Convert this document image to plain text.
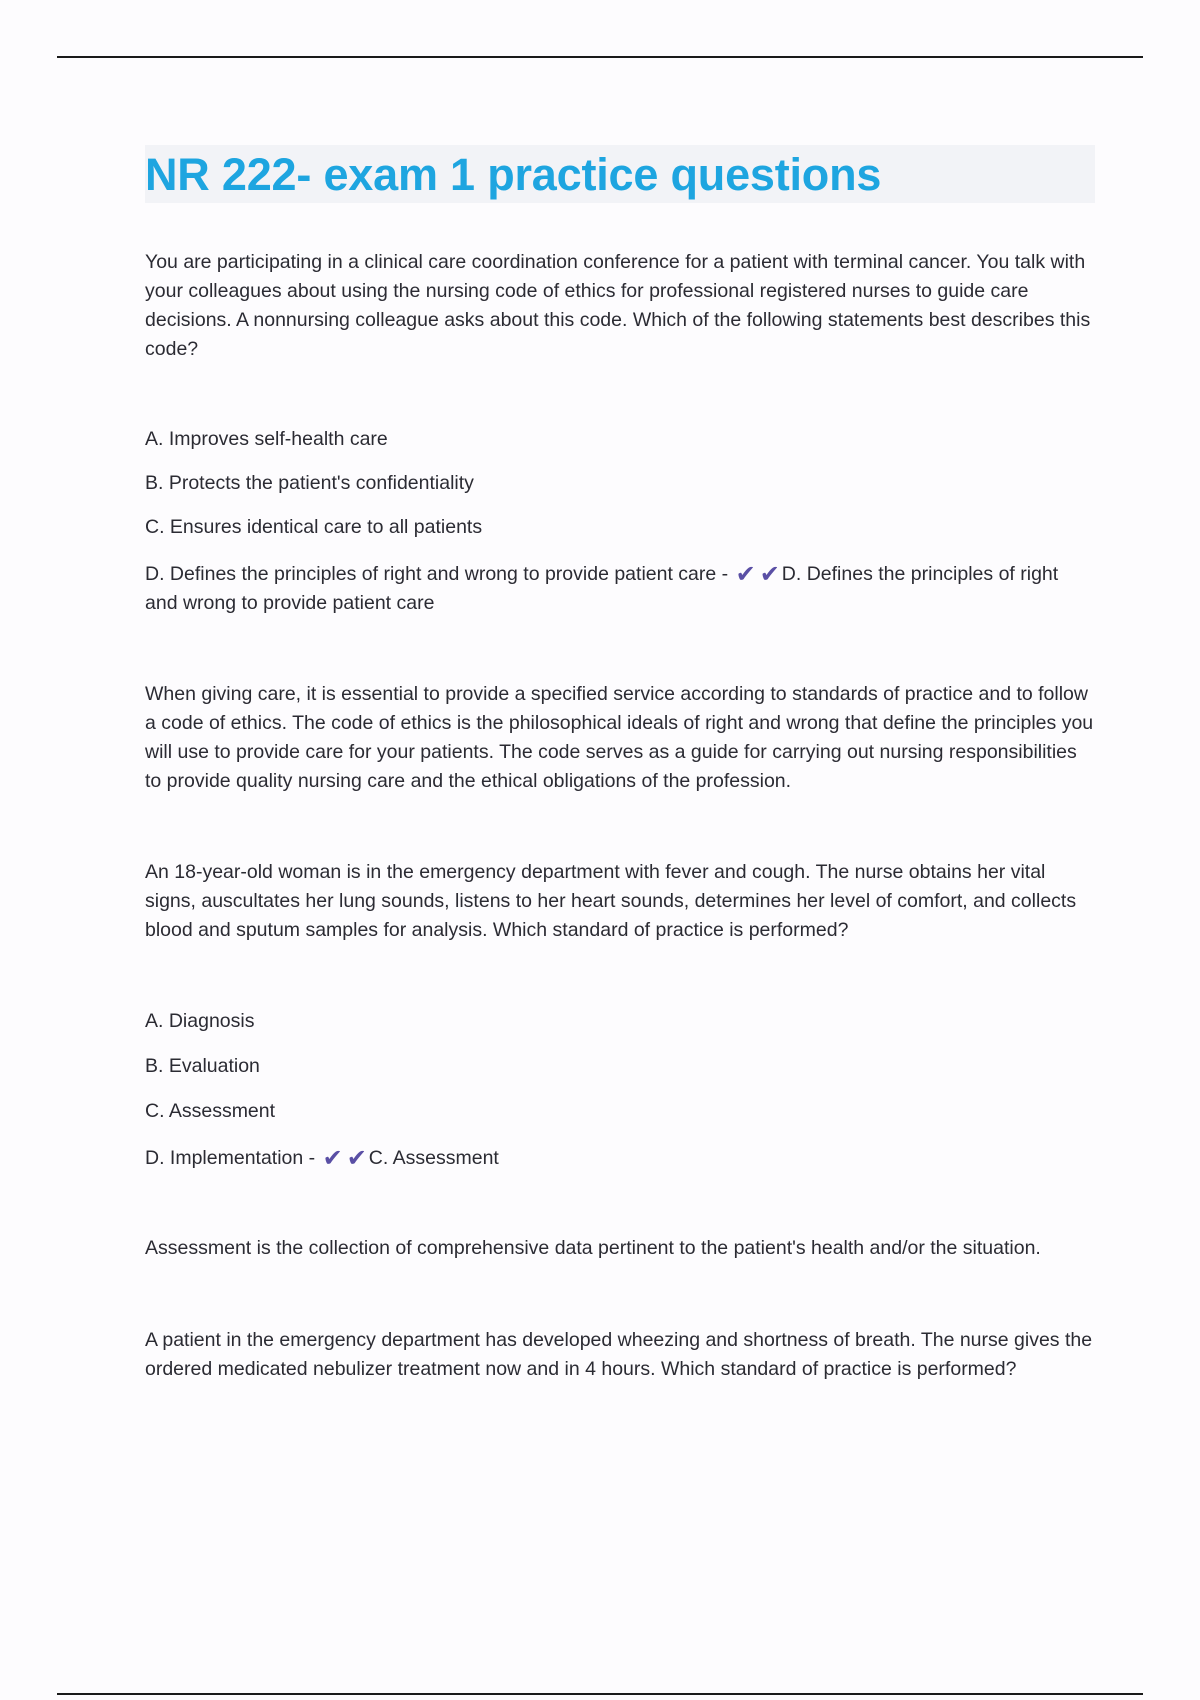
NR 222- exam 1 practice questions

You are participating in a clinical care coordination conference for a patient with terminal cancer. You talk with your colleagues about using the nursing code of ethics for professional registered nurses to guide care decisions. A nonnursing colleague asks about this code. Which of the following statements best describes this code?

A. Improves self-health care

B. Protects the patient's confidentiality

C. Ensures identical care to all patients

D. Defines the principles of right and wrong to provide patient care - ✔ ✔ D. Defines the principles of right and wrong to provide patient care

When giving care, it is essential to provide a specified service according to standards of practice and to follow a code of ethics. The code of ethics is the philosophical ideals of right and wrong that define the principles you will use to provide care for your patients. The code serves as a guide for carrying out nursing responsibilities to provide quality nursing care and the ethical obligations of the profession.

An 18-year-old woman is in the emergency department with fever and cough. The nurse obtains her vital signs, auscultates her lung sounds, listens to her heart sounds, determines her level of comfort, and collects blood and sputum samples for analysis. Which standard of practice is performed?

A. Diagnosis

B. Evaluation

C. Assessment

D. Implementation - ✔ ✔ C. Assessment

Assessment is the collection of comprehensive data pertinent to the patient's health and/or the situation.

A patient in the emergency department has developed wheezing and shortness of breath. The nurse gives the ordered medicated nebulizer treatment now and in 4 hours. Which standard of practice is performed?
